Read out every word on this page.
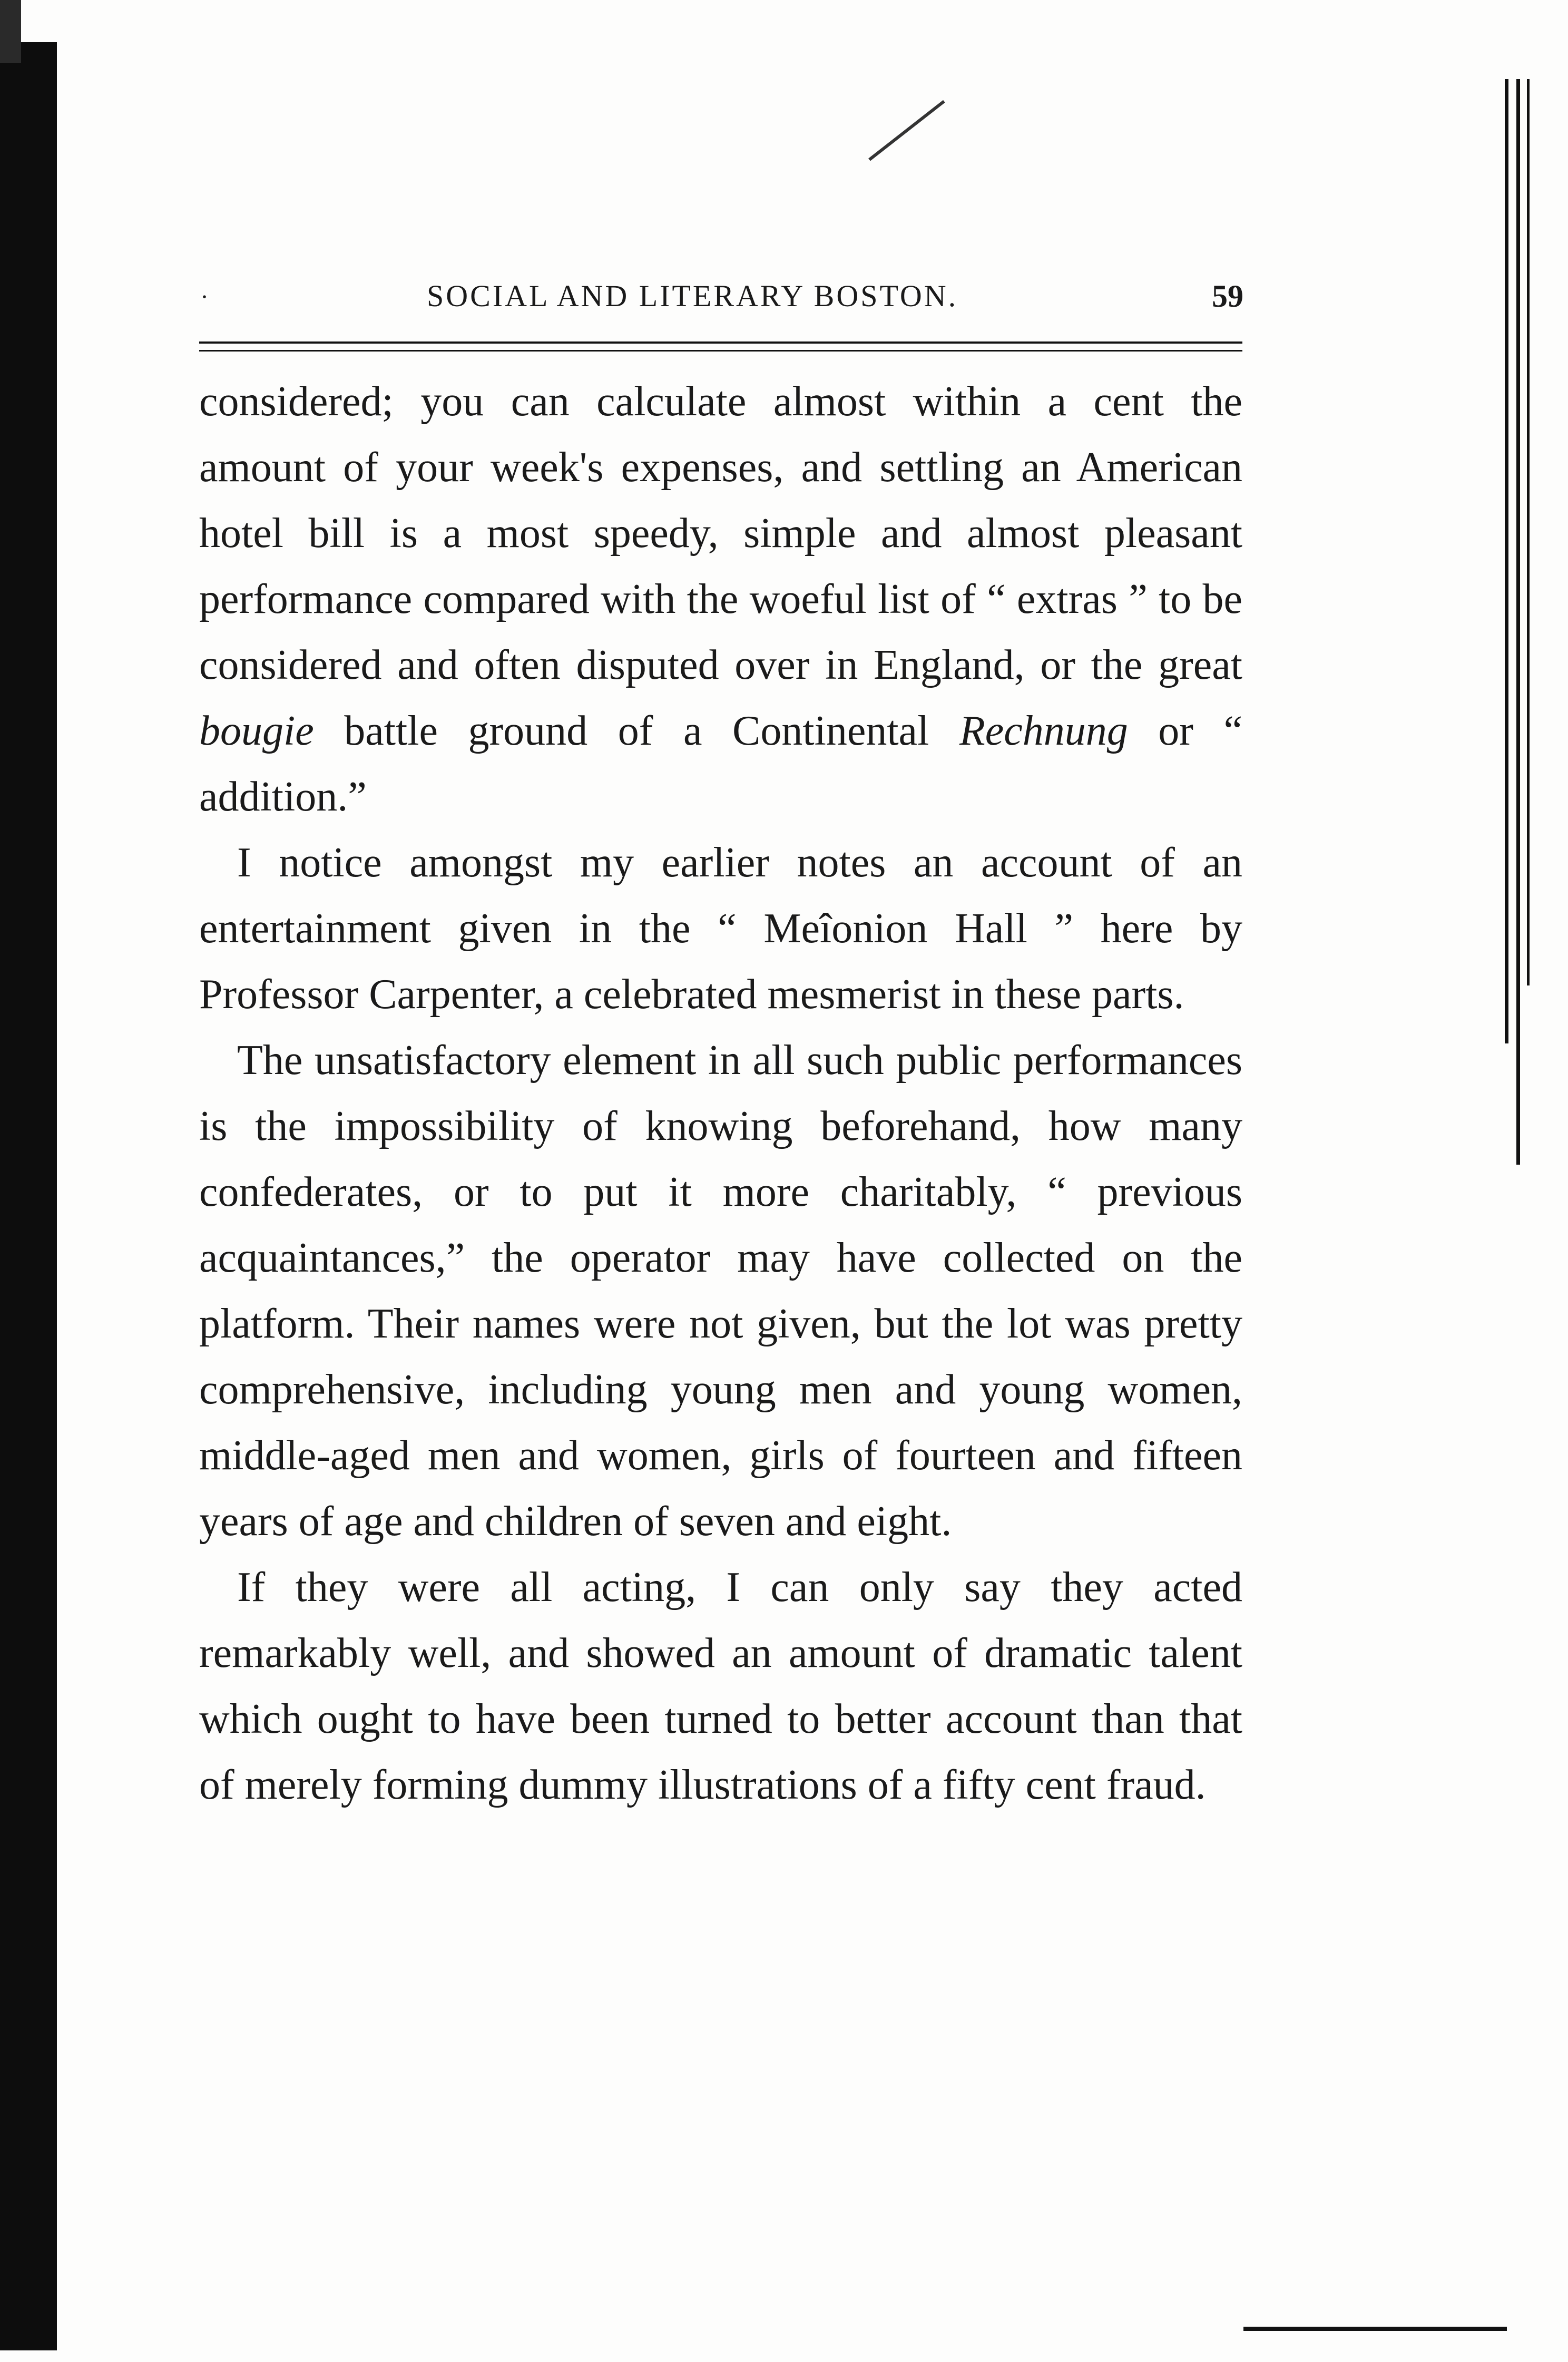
·	SOCIAL AND LITERARY BOSTON.	59

considered; you can calculate almost within a cent the amount of your week's expenses, and settling an American hotel bill is a most speedy, simple and almost pleasant performance compared with the woeful list of “ extras ” to be considered and often disputed over in England, or the great bougie battle ground of a Continental Rechnung or “ addition.”

I notice amongst my earlier notes an account of an entertainment given in the “ Meîonion Hall ” here by Professor Carpenter, a celebrated mesmerist in these parts.

The unsatisfactory element in all such public performances is the impossibility of knowing beforehand, how many confederates, or to put it more charitably, “ previous acquaintances,” the operator may have collected on the platform. Their names were not given, but the lot was pretty comprehensive, including young men and young women, middle-aged men and women, girls of fourteen and fifteen years of age and children of seven and eight.

If they were all acting, I can only say they acted remarkably well, and showed an amount of dramatic talent which ought to have been turned to better account than that of merely forming dummy illustrations of a fifty cent fraud.
